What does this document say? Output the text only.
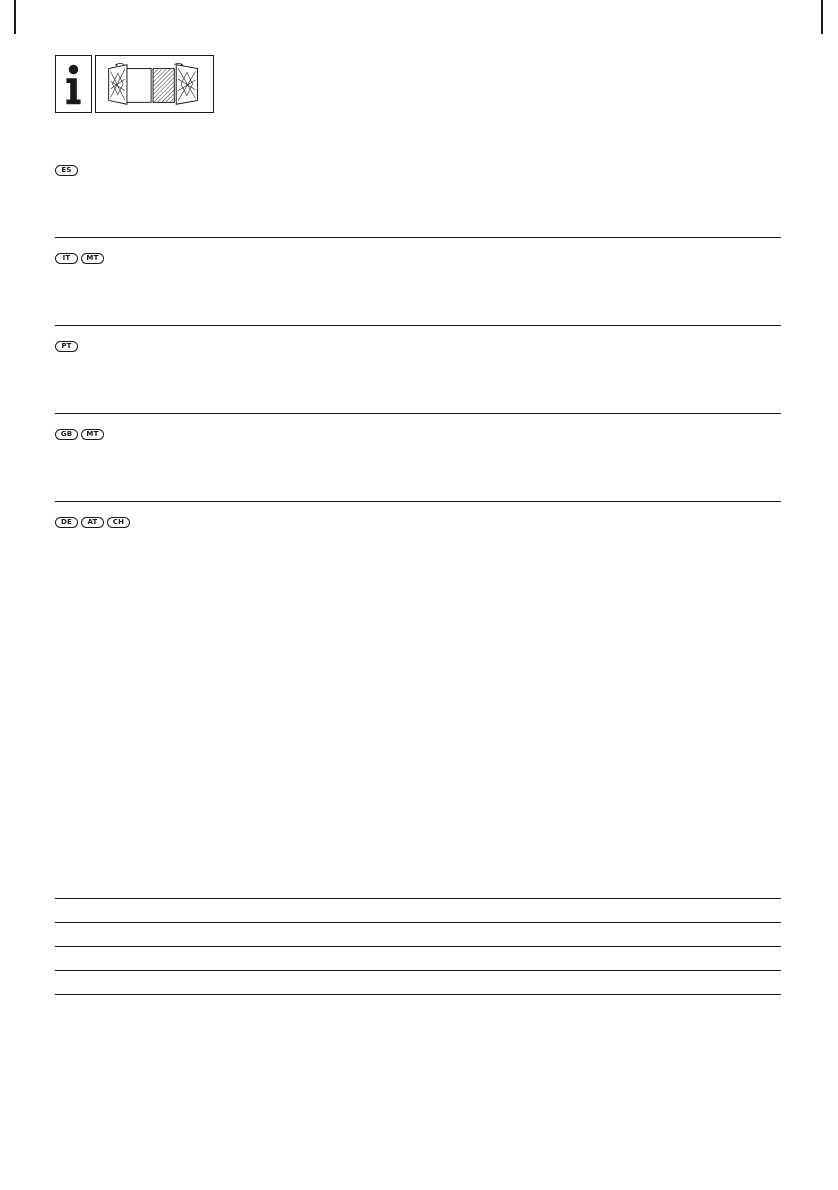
ES
IT	MT
PT
GB	MT
DE	AT	CH
